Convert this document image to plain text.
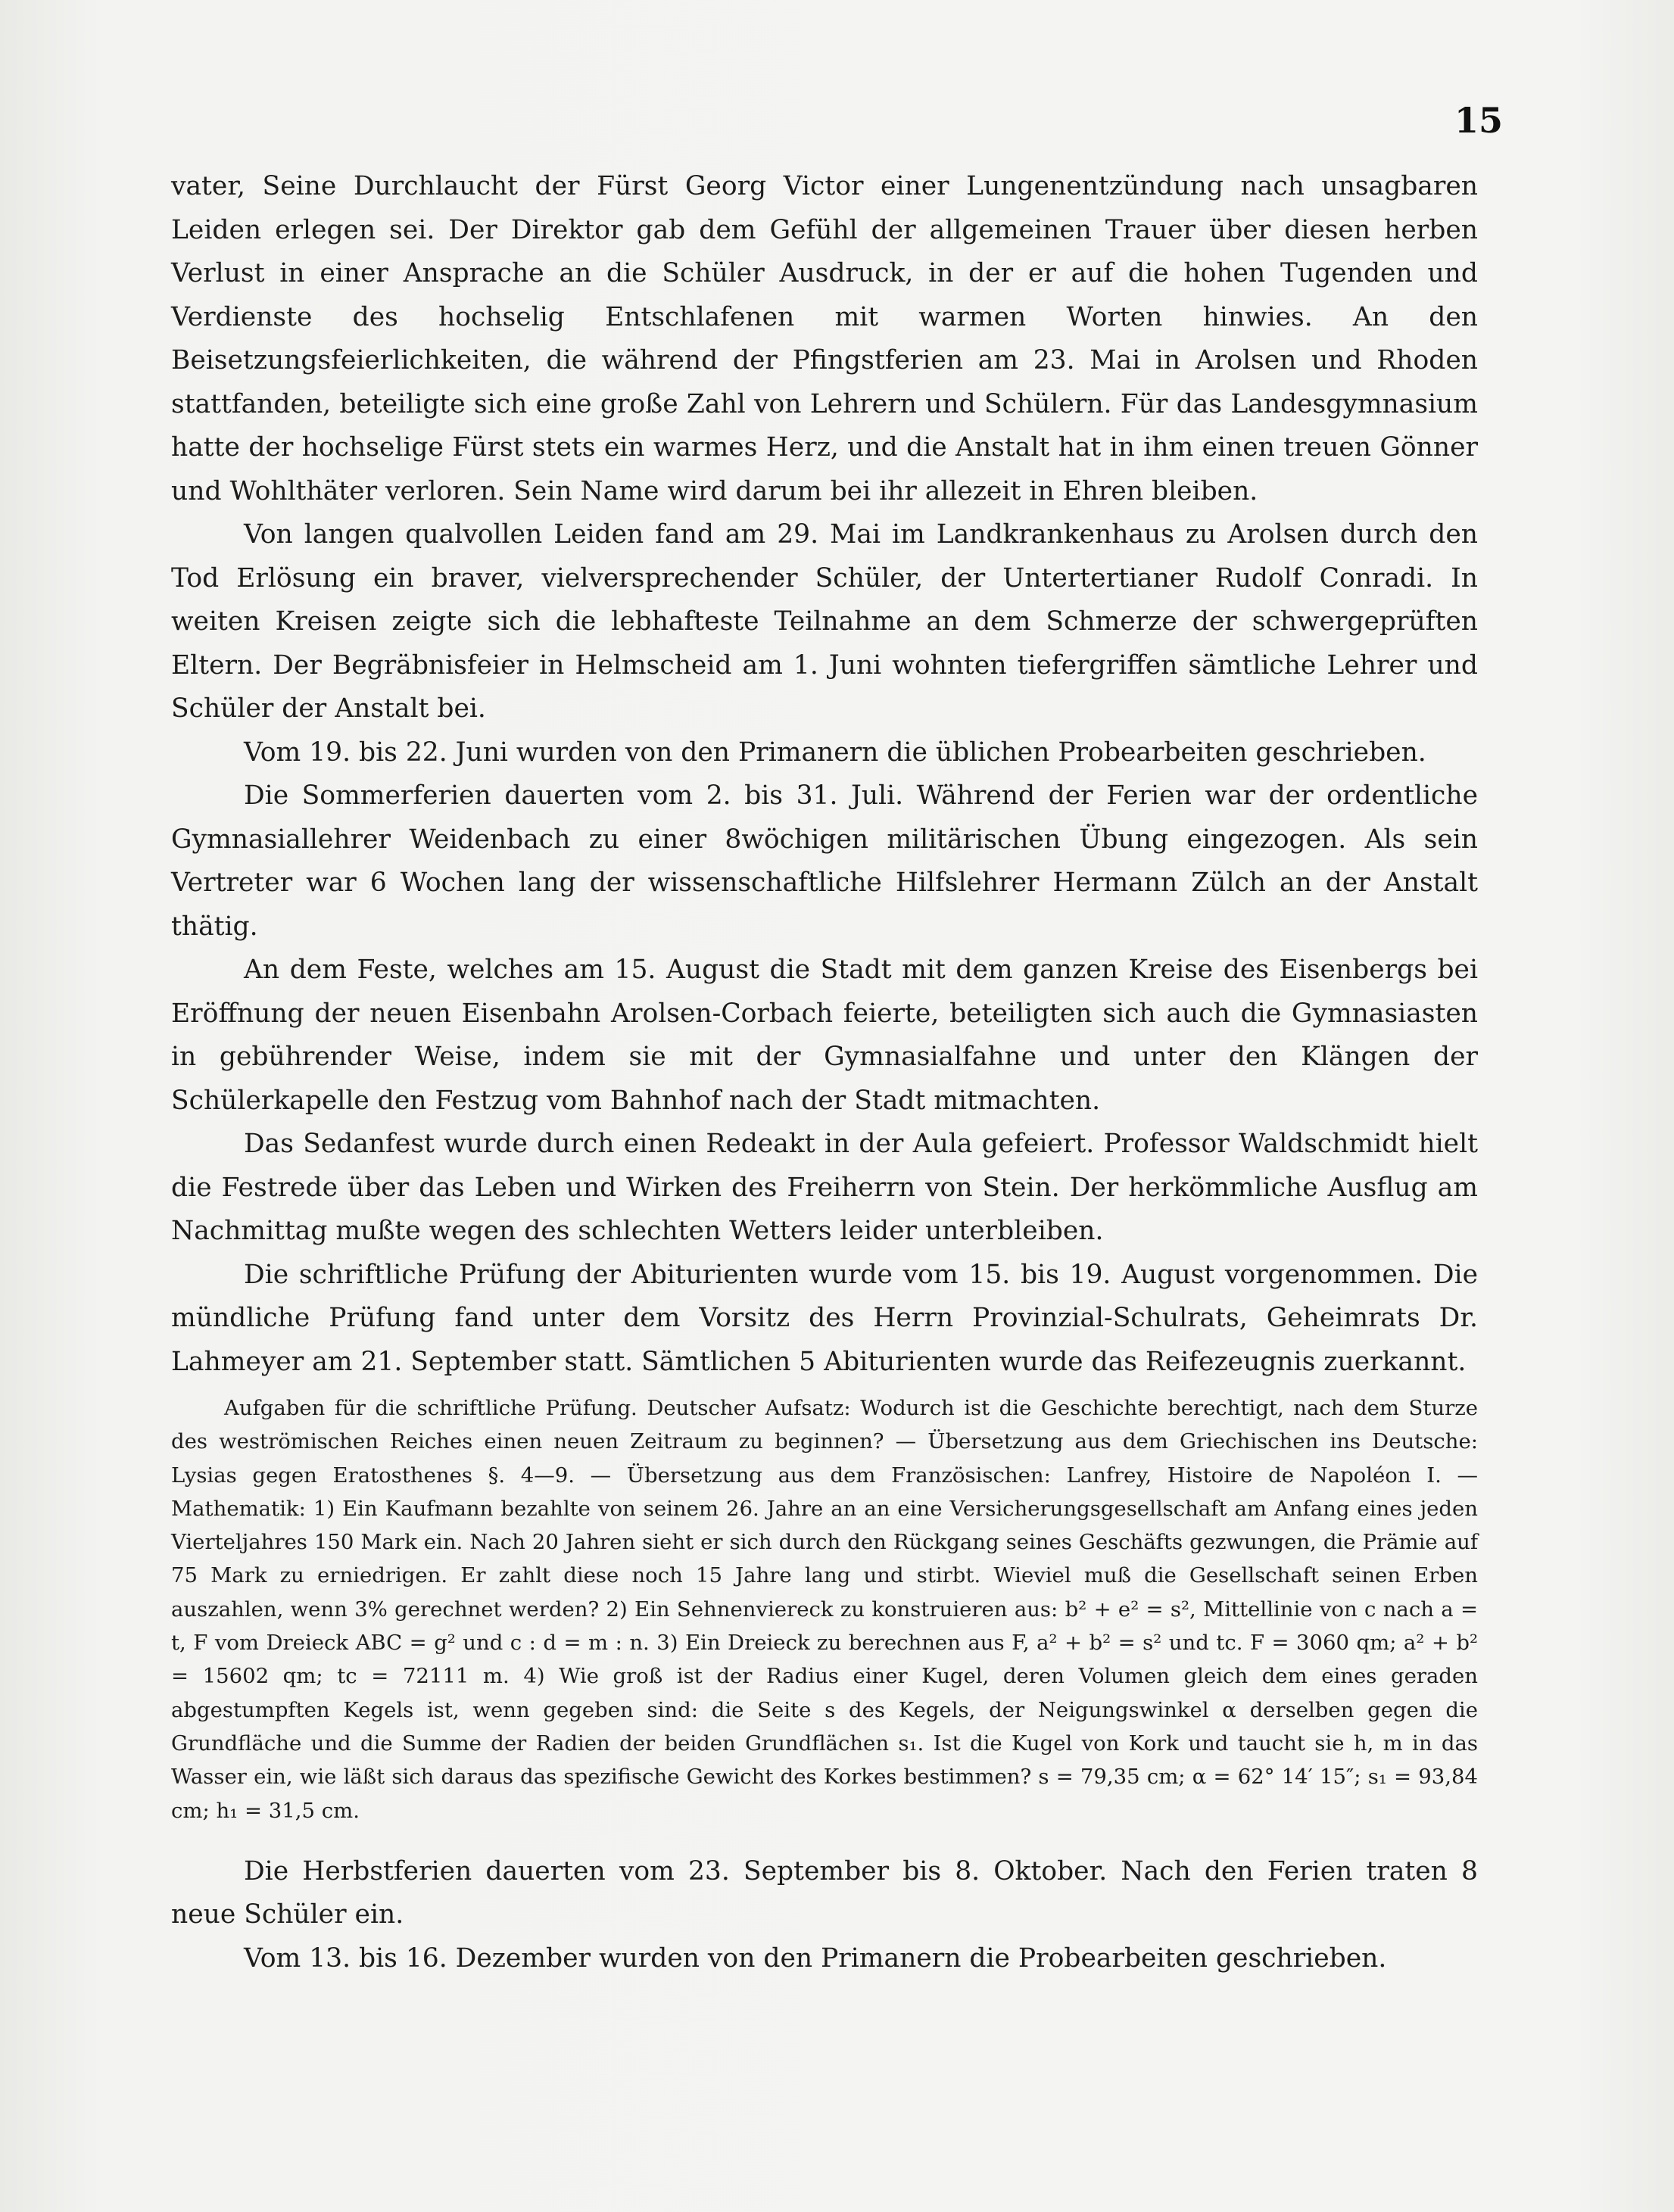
15

vater, Seine Durchlaucht der Fürst Georg Victor einer Lungenentzündung nach unsagbaren Leiden erlegen sei. Der Direktor gab dem Gefühl der allgemeinen Trauer über diesen herben Verlust in einer Ansprache an die Schüler Ausdruck, in der er auf die hohen Tugenden und Verdienste des hochselig Entschlafenen mit warmen Worten hinwies. An den Beisetzungsfeierlichkeiten, die während der Pfingstferien am 23. Mai in Arolsen und Rhoden stattfanden, beteiligte sich eine große Zahl von Lehrern und Schülern. Für das Landesgymnasium hatte der hochselige Fürst stets ein warmes Herz, und die Anstalt hat in ihm einen treuen Gönner und Wohlthäter verloren. Sein Name wird darum bei ihr allezeit in Ehren bleiben.

Von langen qualvollen Leiden fand am 29. Mai im Landkrankenhaus zu Arolsen durch den Tod Erlösung ein braver, vielversprechender Schüler, der Untertertianer Rudolf Conradi. In weiten Kreisen zeigte sich die lebhafteste Teilnahme an dem Schmerze der schwergeprüften Eltern. Der Begräbnisfeier in Helmscheid am 1. Juni wohnten tiefergriffen sämtliche Lehrer und Schüler der Anstalt bei.

Vom 19. bis 22. Juni wurden von den Primanern die üblichen Probearbeiten geschrieben.

Die Sommerferien dauerten vom 2. bis 31. Juli. Während der Ferien war der ordentliche Gymnasiallehrer Weidenbach zu einer 8wöchigen militärischen Übung eingezogen. Als sein Vertreter war 6 Wochen lang der wissenschaftliche Hilfslehrer Hermann Zülch an der Anstalt thätig.

An dem Feste, welches am 15. August die Stadt mit dem ganzen Kreise des Eisenbergs bei Eröffnung der neuen Eisenbahn Arolsen-Corbach feierte, beteiligten sich auch die Gymnasiasten in gebührender Weise, indem sie mit der Gymnasialfahne und unter den Klängen der Schülerkapelle den Festzug vom Bahnhof nach der Stadt mitmachten.

Das Sedanfest wurde durch einen Redeakt in der Aula gefeiert. Professor Waldschmidt hielt die Festrede über das Leben und Wirken des Freiherrn von Stein. Der herkömmliche Ausflug am Nachmittag mußte wegen des schlechten Wetters leider unterbleiben.

Die schriftliche Prüfung der Abiturienten wurde vom 15. bis 19. August vorgenommen. Die mündliche Prüfung fand unter dem Vorsitz des Herrn Provinzial-Schulrats, Geheimrats Dr. Lahmeyer am 21. September statt. Sämtlichen 5 Abiturienten wurde das Reifezeugnis zuerkannt.

Aufgaben für die schriftliche Prüfung. Deutscher Aufsatz: Wodurch ist die Geschichte berechtigt, nach dem Sturze des weströmischen Reiches einen neuen Zeitraum zu beginnen? — Übersetzung aus dem Griechischen ins Deutsche: Lysias gegen Eratosthenes §. 4—9. — Übersetzung aus dem Französischen: Lanfrey, Histoire de Napoléon I. — Mathematik: 1) Ein Kaufmann bezahlte von seinem 26. Jahre an an eine Versicherungsgesellschaft am Anfang eines jeden Vierteljahres 150 Mark ein. Nach 20 Jahren sieht er sich durch den Rückgang seines Geschäfts gezwungen, die Prämie auf 75 Mark zu erniedrigen. Er zahlt diese noch 15 Jahre lang und stirbt. Wieviel muß die Gesellschaft seinen Erben auszahlen, wenn 3% gerechnet werden? 2) Ein Sehnenviereck zu konstruieren aus: b² + e² = s², Mittellinie von c nach a = t, F vom Dreieck ABC = g² und c : d = m : n. 3) Ein Dreieck zu berechnen aus F, a² + b² = s² und tc. F = 3060 qm; a² + b² = 15602 qm; tc = 72111 m. 4) Wie groß ist der Radius einer Kugel, deren Volumen gleich dem eines geraden abgestumpften Kegels ist, wenn gegeben sind: die Seite s des Kegels, der Neigungswinkel α derselben gegen die Grundfläche und die Summe der Radien der beiden Grundflächen s₁. Ist die Kugel von Kork und taucht sie h, m in das Wasser ein, wie läßt sich daraus das spezifische Gewicht des Korkes bestimmen? s = 79,35 cm; α = 62° 14′ 15″; s₁ = 93,84 cm; h₁ = 31,5 cm.

Die Herbstferien dauerten vom 23. September bis 8. Oktober. Nach den Ferien traten 8 neue Schüler ein.

Vom 13. bis 16. Dezember wurden von den Primanern die Probearbeiten geschrieben.
